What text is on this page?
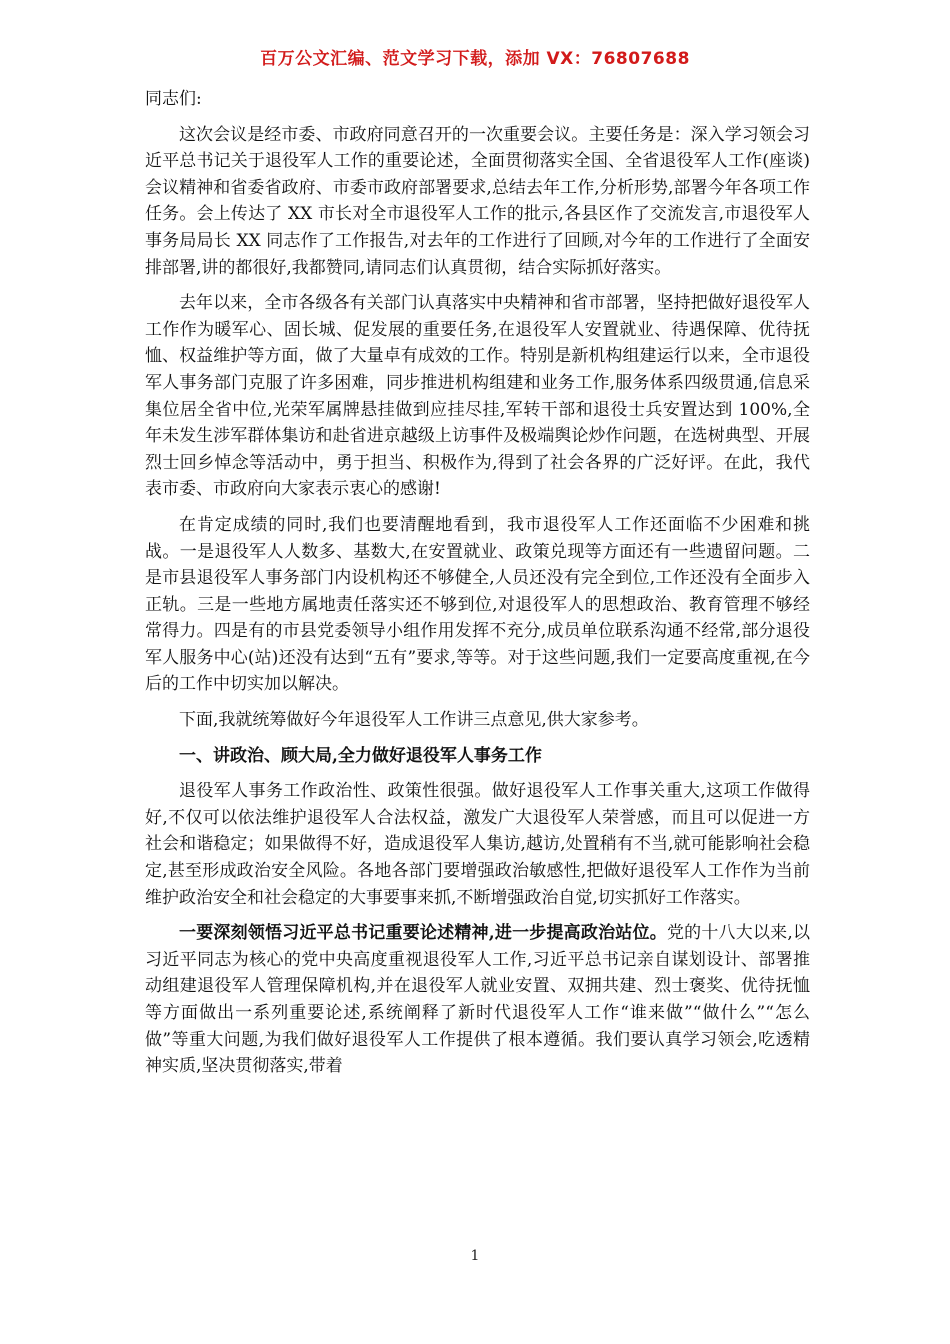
百万公文汇编、范文学习下载，添加 VX：76807688

同志们:

这次会议是经市委、市政府同意召开的一次重要会议。主要任务是：深入学习领会习近平总书记关于退役军人工作的重要论述，全面贯彻落实全国、全省退役军人工作(座谈)会议精神和省委省政府、市委市政府部署要求,总结去年工作,分析形势,部署今年各项工作任务。会上传达了 XX 市长对全市退役军人工作的批示,各县区作了交流发言,市退役军人事务局局长 XX 同志作了工作报告,对去年的工作进行了回顾,对今年的工作进行了全面安排部署,讲的都很好,我都赞同,请同志们认真贯彻，结合实际抓好落实。

去年以来，全市各级各有关部门认真落实中央精神和省市部署，坚持把做好退役军人工作作为暖军心、固长城、促发展的重要任务,在退役军人安置就业、待遇保障、优待抚恤、权益维护等方面，做了大量卓有成效的工作。特别是新机构组建运行以来，全市退役军人事务部门克服了许多困难，同步推进机构组建和业务工作,服务体系四级贯通,信息采集位居全省中位,光荣军属牌悬挂做到应挂尽挂,军转干部和退役士兵安置达到 100%,全年未发生涉军群体集访和赴省进京越级上访事件及极端舆论炒作问题，在选树典型、开展烈士回乡悼念等活动中，勇于担当、积极作为,得到了社会各界的广泛好评。在此，我代表市委、市政府向大家表示衷心的感谢!

在肯定成绩的同时,我们也要清醒地看到，我市退役军人工作还面临不少困难和挑战。一是退役军人人数多、基数大,在安置就业、政策兑现等方面还有一些遗留问题。二是市县退役军人事务部门内设机构还不够健全,人员还没有完全到位,工作还没有全面步入正轨。三是一些地方属地责任落实还不够到位,对退役军人的思想政治、教育管理不够经常得力。四是有的市县党委领导小组作用发挥不充分,成员单位联系沟通不经常,部分退役军人服务中心(站)还没有达到“五有”要求,等等。对于这些问题,我们一定要高度重视,在今后的工作中切实加以解决。

下面,我就统筹做好今年退役军人工作讲三点意见,供大家参考。

一、讲政治、顾大局,全力做好退役军人事务工作

退役军人事务工作政治性、政策性很强。做好退役军人工作事关重大,这项工作做得好,不仅可以依法维护退役军人合法权益，激发广大退役军人荣誉感，而且可以促进一方社会和谐稳定；如果做得不好，造成退役军人集访,越访,处置稍有不当,就可能影响社会稳定,甚至形成政治安全风险。各地各部门要增强政治敏感性,把做好退役军人工作作为当前维护政治安全和社会稳定的大事要事来抓,不断增强政治自觉,切实抓好工作落实。

一要深刻领悟习近平总书记重要论述精神,进一步提高政治站位。党的十八大以来,以习近平同志为核心的党中央高度重视退役军人工作,习近平总书记亲自谋划设计、部署推动组建退役军人管理保障机构,并在退役军人就业安置、双拥共建、烈士褒奖、优待抚恤等方面做出一系列重要论述,系统阐释了新时代退役军人工作“谁来做”“做什么”“怎么做”等重大问题,为我们做好退役军人工作提供了根本遵循。我们要认真学习领会,吃透精神实质,坚决贯彻落实,带着

1
